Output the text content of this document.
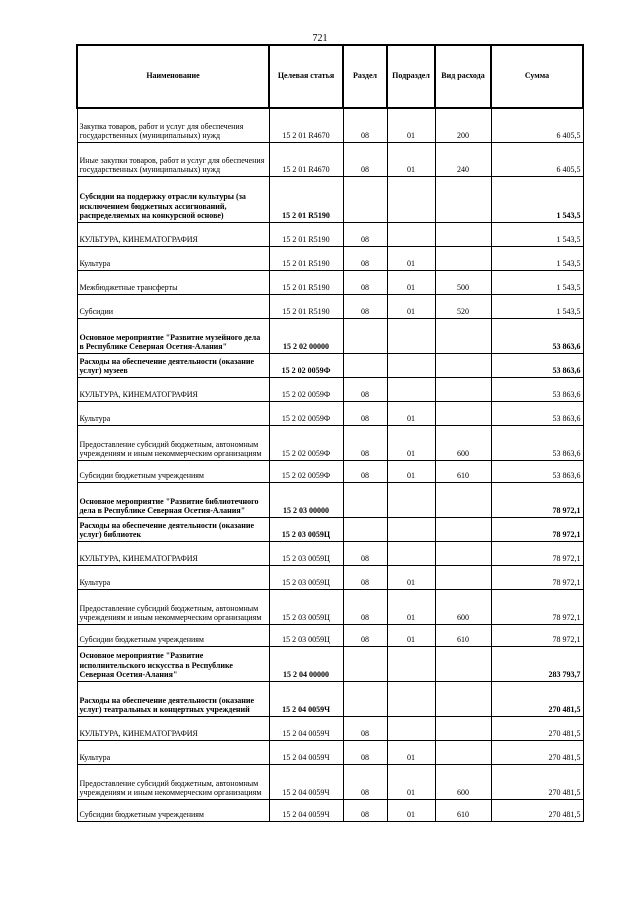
721
Наименование	Целевая статья	Раздел	Подраздел	Вид расхода	Сумма
Закупка товаров, работ и услуг для обеспечения государственных (муниципальных) нужд	15 2 01 R4670	08	01	200	6 405,5
Иные закупки товаров, работ и услуг для обеспечения государственных (муниципальных) нужд	15 2 01 R4670	08	01	240	6 405,5
Субсидии на поддержку отрасли культуры (за исключением бюджетных ассигнований, распределяемых на конкурсной основе)	15 2 01 R5190				1 543,5
КУЛЬТУРА, КИНЕМАТОГРАФИЯ	15 2 01 R5190	08			1 543,5
Культура	15 2 01 R5190	08	01		1 543,5
Межбюджетные трансферты	15 2 01 R5190	08	01	500	1 543,5
Субсидии	15 2 01 R5190	08	01	520	1 543,5
Основное мероприятие "Развитие музейного дела в Республике Северная Осетия-Алания"	15 2 02 00000				53 863,6
Расходы на обеспечение деятельности (оказание услуг) музеев	15 2 02 0059Ф				53 863,6
КУЛЬТУРА, КИНЕМАТОГРАФИЯ	15 2 02 0059Ф	08			53 863,6
Культура	15 2 02 0059Ф	08	01		53 863,6
Предоставление субсидий бюджетным, автономным учреждениям и иным некоммерческим организациям	15 2 02 0059Ф	08	01	600	53 863,6
Субсидии бюджетным учреждениям	15 2 02 0059Ф	08	01	610	53 863,6
Основное мероприятие "Развитие библиотечного дела в Республике Северная Осетия-Алания"	15 2 03 00000				78 972,1
Расходы на обеспечение деятельности (оказание услуг) библиотек	15 2 03 0059Ц				78 972,1
КУЛЬТУРА, КИНЕМАТОГРАФИЯ	15 2 03 0059Ц	08			78 972,1
Культура	15 2 03 0059Ц	08	01		78 972,1
Предоставление субсидий бюджетным, автономным учреждениям и иным некоммерческим организациям	15 2 03 0059Ц	08	01	600	78 972,1
Субсидии бюджетным учреждениям	15 2 03 0059Ц	08	01	610	78 972,1
Основное мероприятие "Развитие исполнительского искусства в Республике Северная Осетия-Алания"	15 2 04 00000				283 793,7
Расходы на обеспечение деятельности (оказание услуг) театральных и концертных учреждений	15 2 04 0059Ч				270 481,5
КУЛЬТУРА, КИНЕМАТОГРАФИЯ	15 2 04 0059Ч	08			270 481,5
Культура	15 2 04 0059Ч	08	01		270 481,5
Предоставление субсидий бюджетным, автономным учреждениям и иным некоммерческим организациям	15 2 04 0059Ч	08	01	600	270 481,5
Субсидии бюджетным учреждениям	15 2 04 0059Ч	08	01	610	270 481,5
